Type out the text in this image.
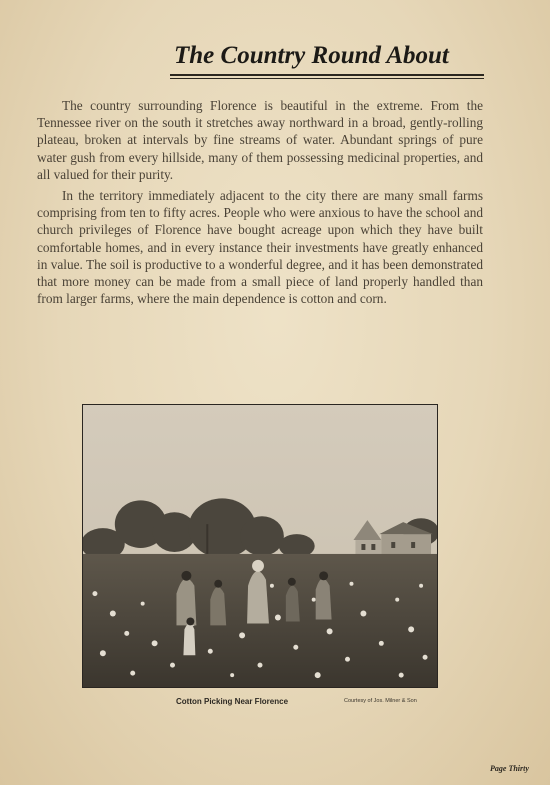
The Country Round About

The country surrounding Florence is beautiful in the extreme. From the Tennessee river on the south it stretches away northward in a broad, gently-rolling plateau, broken at intervals by fine streams of water. Abundant springs of pure water gush from every hillside, many of them possessing medicinal properties, and all valued for their purity.

In the territory immediately adjacent to the city there are many small farms comprising from ten to fifty acres. People who were anxious to have the school and church privileges of Florence have bought acreage upon which they have built comfortable homes, and in every instance their investments have greatly enhanced in value. The soil is productive to a wonderful degree, and it has been demonstrated that more money can be made from a small piece of land properly handled than from larger farms, where the main dependence is cotton and corn.

Cotton Picking Near Florence	Courtesy of Jos. Milner & Son
Page Thirty
